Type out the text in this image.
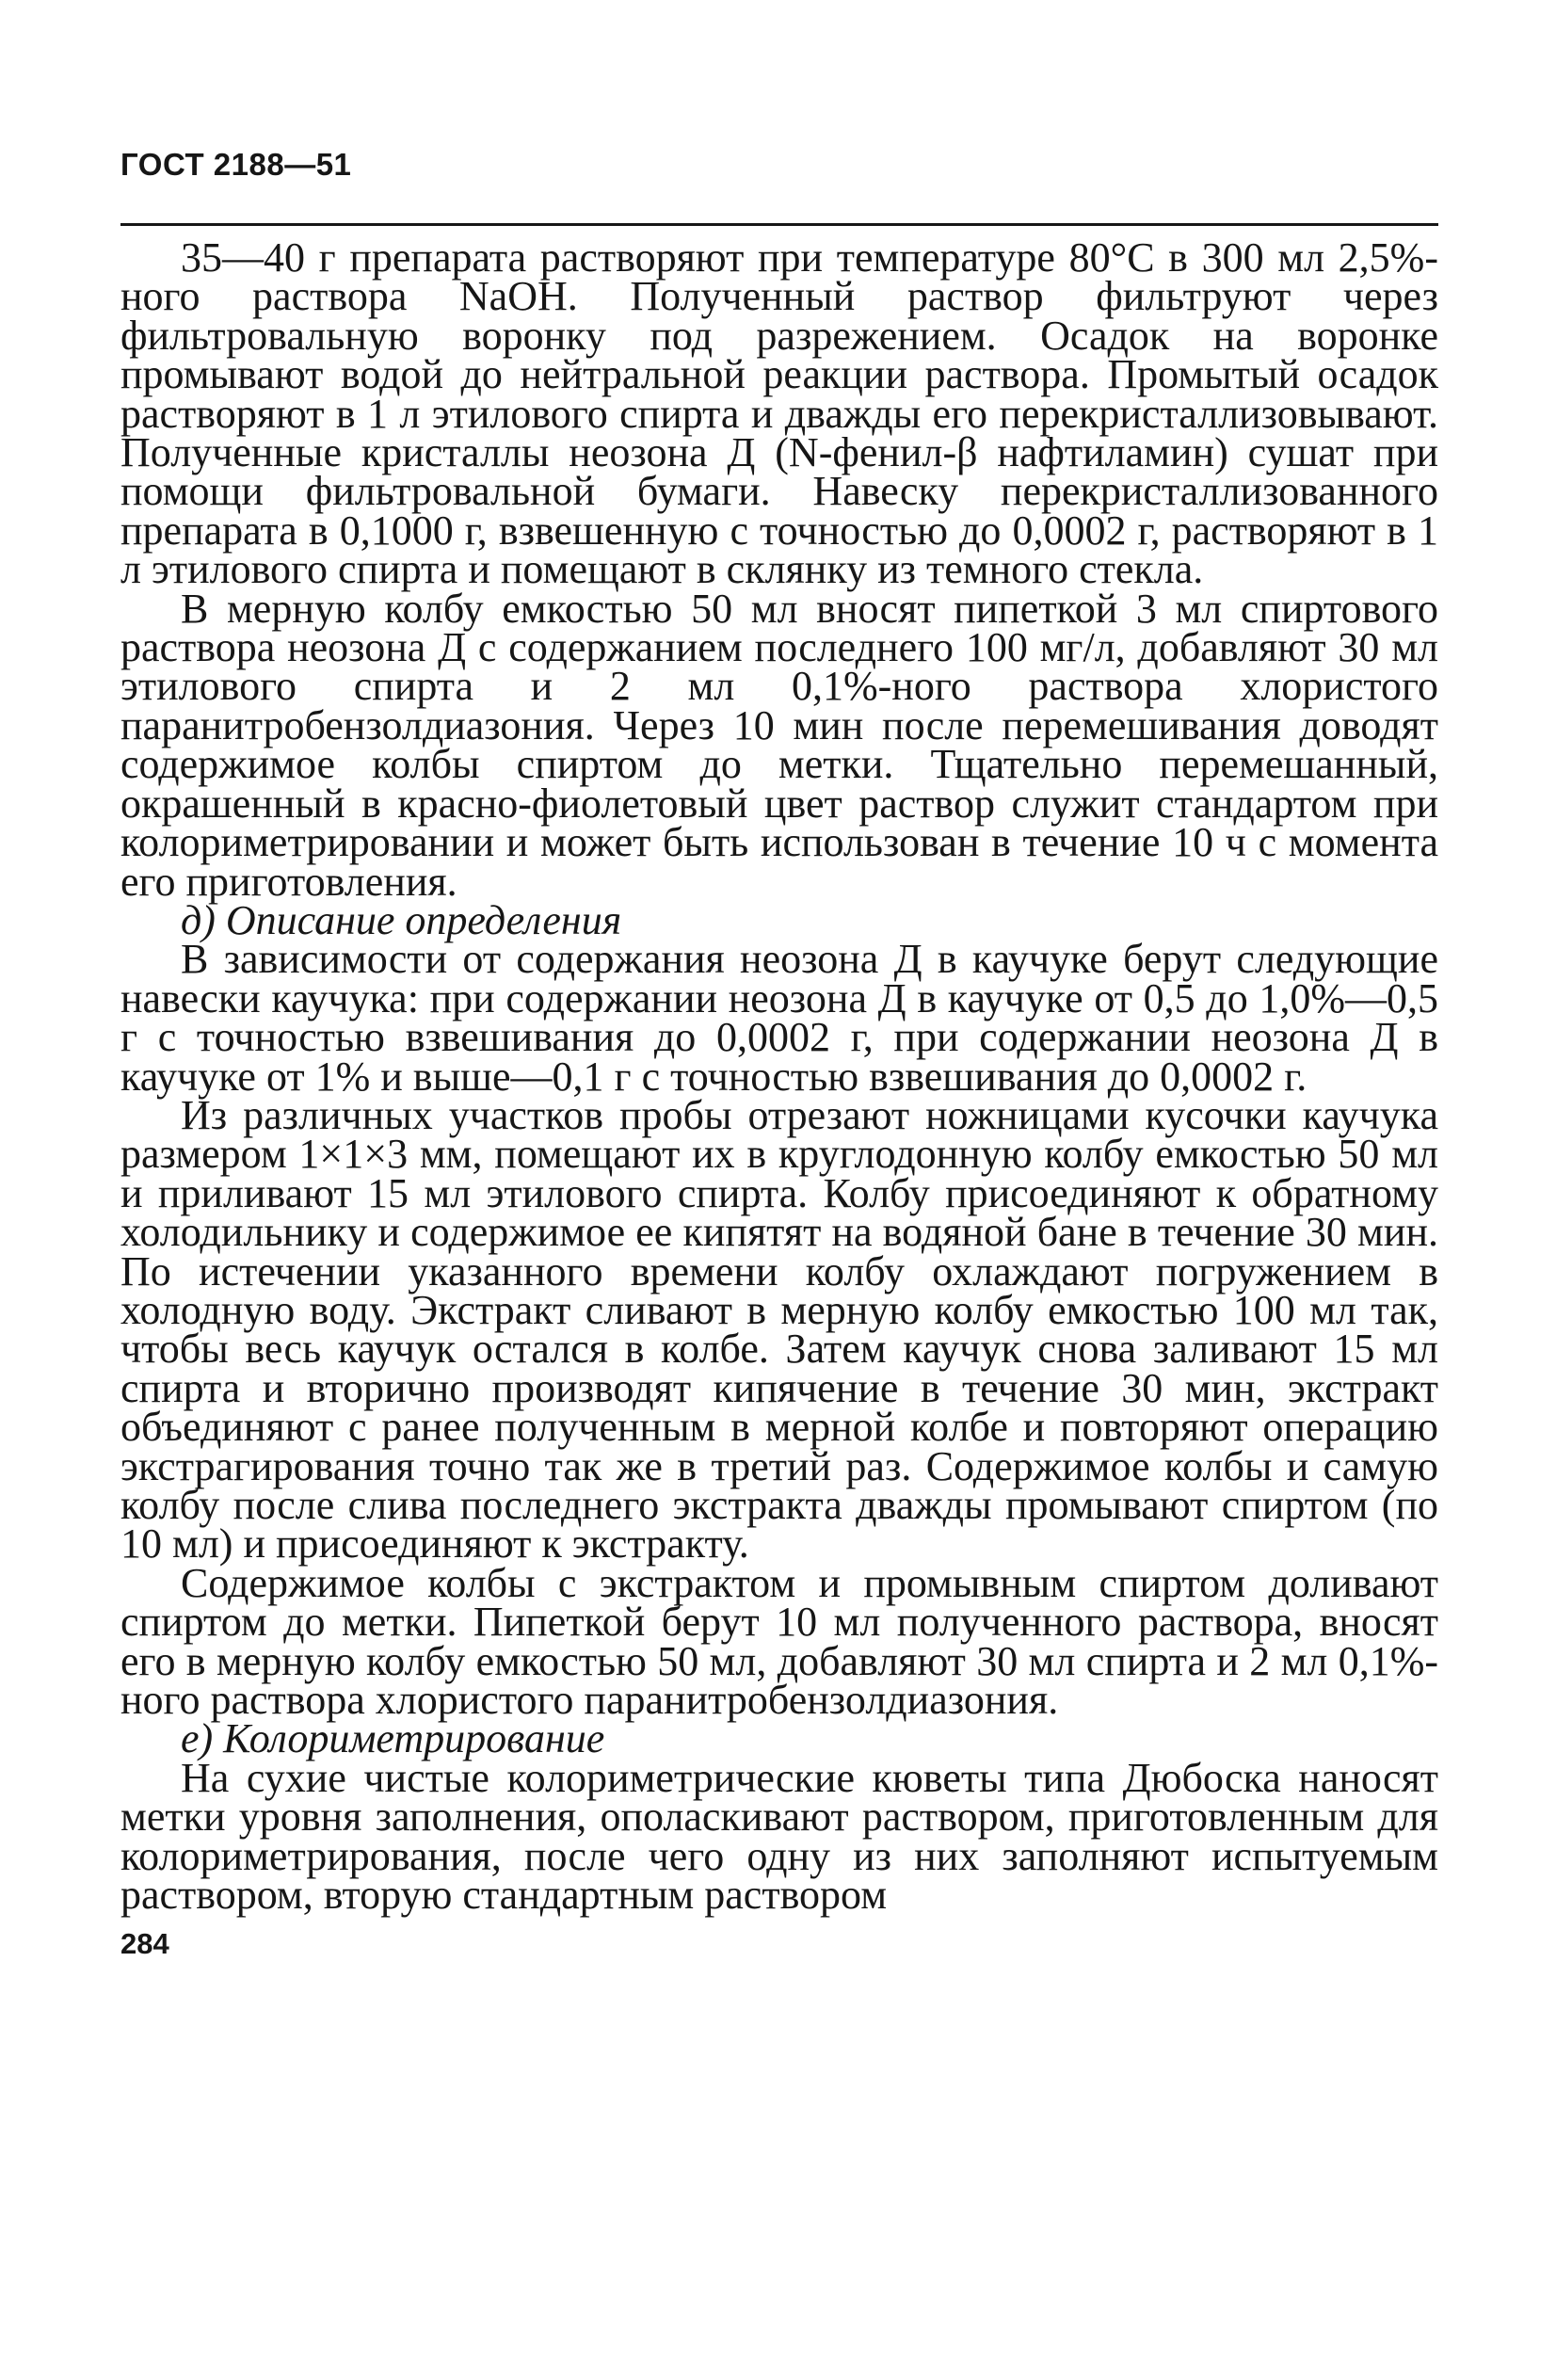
ГОСТ 2188—51

35—40 г препарата растворяют при температуре 80°С в 300 мл 2,5%-ного раствора NaOH. Полученный раствор фильтруют через фильтровальную воронку под разрежением. Осадок на воронке промывают водой до нейтральной реакции раствора. Промытый осадок растворяют в 1 л этилового спирта и дважды его перекристаллизовывают. Полученные кристаллы неозона Д (N-фенил-β нафтиламин) сушат при помощи фильтровальной бумаги. Навеску перекристаллизованного препарата в 0,1000 г, взвешенную с точностью до 0,0002 г, растворяют в 1 л этилового спирта и помещают в склянку из темного стекла.

В мерную колбу емкостью 50 мл вносят пипеткой 3 мл спиртового раствора неозона Д с содержанием последнего 100 мг/л, добавляют 30 мл этилового спирта и 2 мл 0,1%-ного раствора хлористого паранитробензолдиазония. Через 10 мин после перемешивания доводят содержимое колбы спиртом до метки. Тщательно перемешанный, окрашенный в красно-фиолетовый цвет раствор служит стандартом при колориметрировании и может быть использован в течение 10 ч с момента его приготовления.

д) Описание определения

В зависимости от содержания неозона Д в каучуке берут следующие навески каучука: при содержании неозона Д в каучуке от 0,5 до 1,0%—0,5 г с точностью взвешивания до 0,0002 г, при содержании неозона Д в каучуке от 1% и выше—0,1 г с точностью взвешивания до 0,0002 г.

Из различных участков пробы отрезают ножницами кусочки каучука размером 1×1×3 мм, помещают их в круглодонную колбу емкостью 50 мл и приливают 15 мл этилового спирта. Колбу присоединяют к обратному холодильнику и содержимое ее кипятят на водяной бане в течение 30 мин. По истечении указанного времени колбу охлаждают погружением в холодную воду. Экстракт сливают в мерную колбу емкостью 100 мл так, чтобы весь каучук остался в колбе. Затем каучук снова заливают 15 мл спирта и вторично производят кипячение в течение 30 мин, экстракт объединяют с ранее полученным в мерной колбе и повторяют операцию экстрагирования точно так же в третий раз. Содержимое колбы и самую колбу после слива последнего экстракта дважды промывают спиртом (по 10 мл) и присоединяют к экстракту.

Содержимое колбы с экстрактом и промывным спиртом доливают спиртом до метки. Пипеткой берут 10 мл полученного раствора, вносят его в мерную колбу емкостью 50 мл, добавляют 30 мл спирта и 2 мл 0,1%-ного раствора хлористого паранитробензолдиазония.

е) Колориметрирование

На сухие чистые колориметрические кюветы типа Дюбоска наносят метки уровня заполнения, ополаскивают раствором, приготовленным для колориметрирования, после чего одну из них заполняют испытуемым раствором, вторую стандартным раствором

284
